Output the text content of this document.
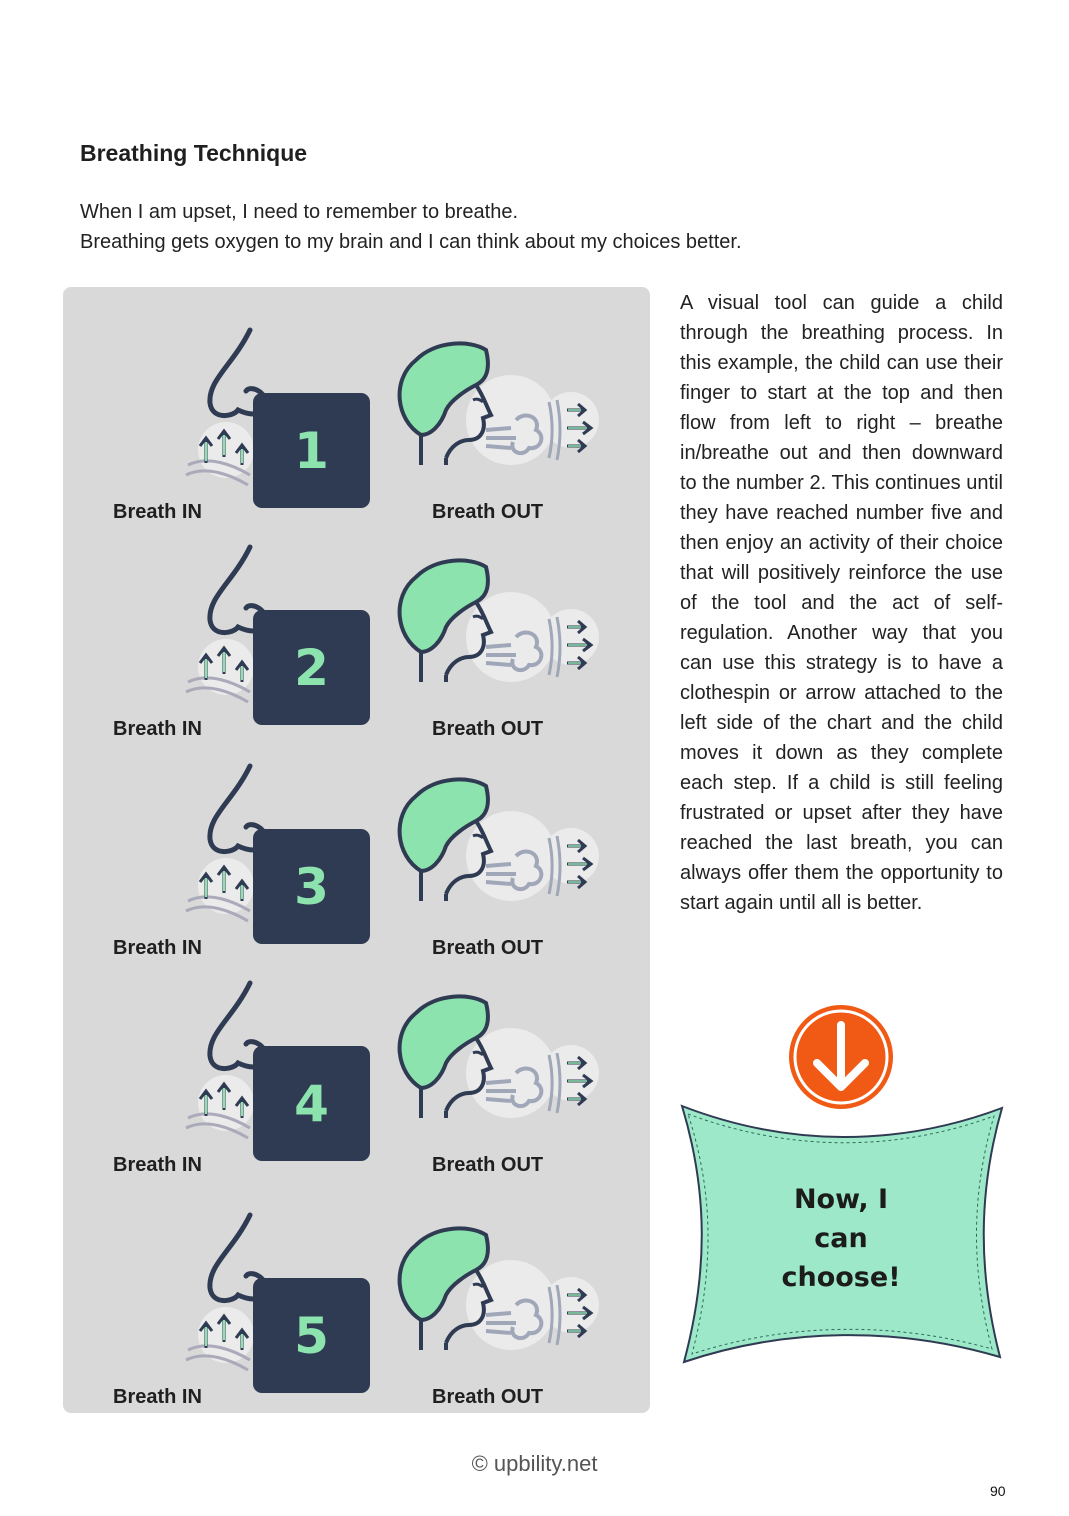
Breathing Technique
When I am upset, I need to remember to breathe.
Breathing gets oxygen to my brain and I can think about my choices better.
Breath IN
1
Breath OUT
Breath IN
2
Breath OUT
Breath IN
3
Breath OUT
Breath IN
4
Breath OUT
Breath IN
5
Breath OUT
A visual tool can guide a child through the breathing process. In this example, the child can use their finger to start at the top and then flow from left to right – breathe in/breathe out and then downward to the number 2. This continues until they have reached number five and then enjoy an activity of their choice that will positively reinforce the use of the tool and the act of self-regulation. Another way that you can use this strategy is to have a clothespin or arrow attached to the left side of the chart and the child moves it down as they complete each step. If a child is still feeling frustrated or upset after they have reached the last breath, you can always offer them the opportunity to start again until all is better.
Now, I
can
choose!
© upbility.net
90
